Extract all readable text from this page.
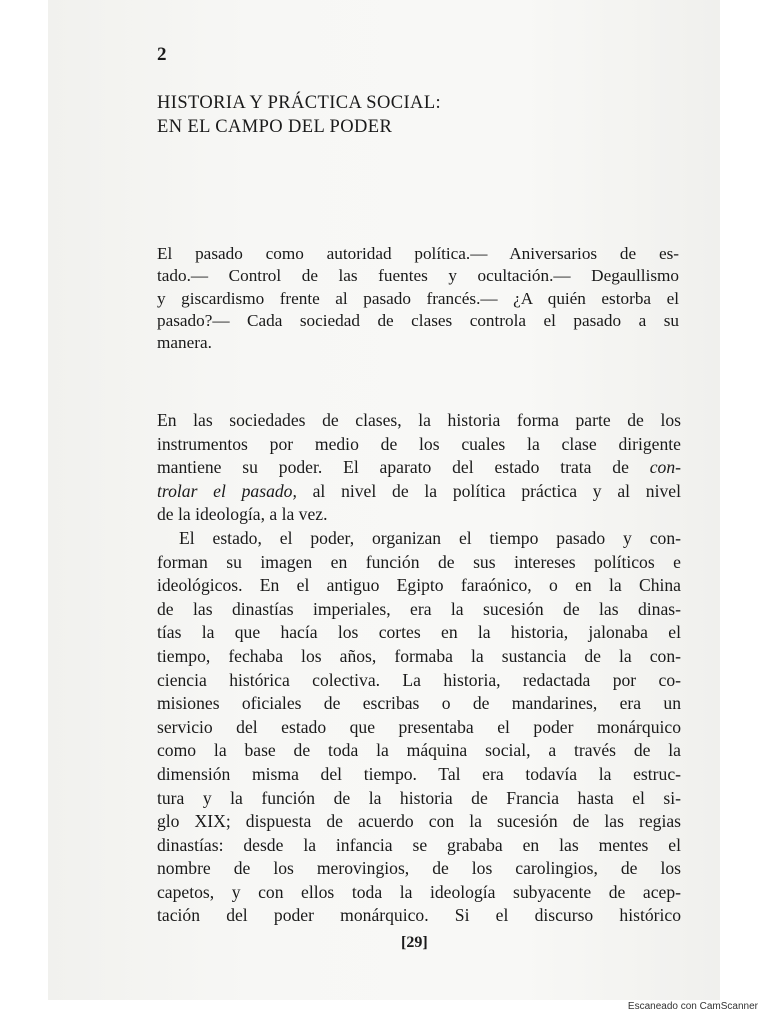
2

HISTORIA Y PRÁCTICA SOCIAL:
EN EL CAMPO DEL PODER
El pasado como autoridad política.— Aniversarios de es-
tado.— Control de las fuentes y ocultación.— Degaullismo
y giscardismo frente al pasado francés.— ¿A quién estorba el
pasado?— Cada sociedad de clases controla el pasado a su
manera.
En las sociedades de clases, la historia forma parte de los
instrumentos por medio de los cuales la clase dirigente
mantiene su poder. El aparato del estado trata de con-
trolar el pasado, al nivel de la política práctica y al nivel
de la ideología, a la vez.
El estado, el poder, organizan el tiempo pasado y con-
forman su imagen en función de sus intereses políticos e
ideológicos. En el antiguo Egipto faraónico, o en la China
de las dinastías imperiales, era la sucesión de las dinas-
tías la que hacía los cortes en la historia, jalonaba el
tiempo, fechaba los años, formaba la sustancia de la con-
ciencia histórica colectiva. La historia, redactada por co-
misiones oficiales de escribas o de mandarines, era un
servicio del estado que presentaba el poder monárquico
como la base de toda la máquina social, a través de la
dimensión misma del tiempo. Tal era todavía la estruc-
tura y la función de la historia de Francia hasta el si-
glo XIX; dispuesta de acuerdo con la sucesión de las regias
dinastías: desde la infancia se grababa en las mentes el
nombre de los merovingios, de los carolingios, de los
capetos, y con ellos toda la ideología subyacente de acep-
tación del poder monárquico. Si el discurso histórico

[29]

Escaneado con CamScanner
